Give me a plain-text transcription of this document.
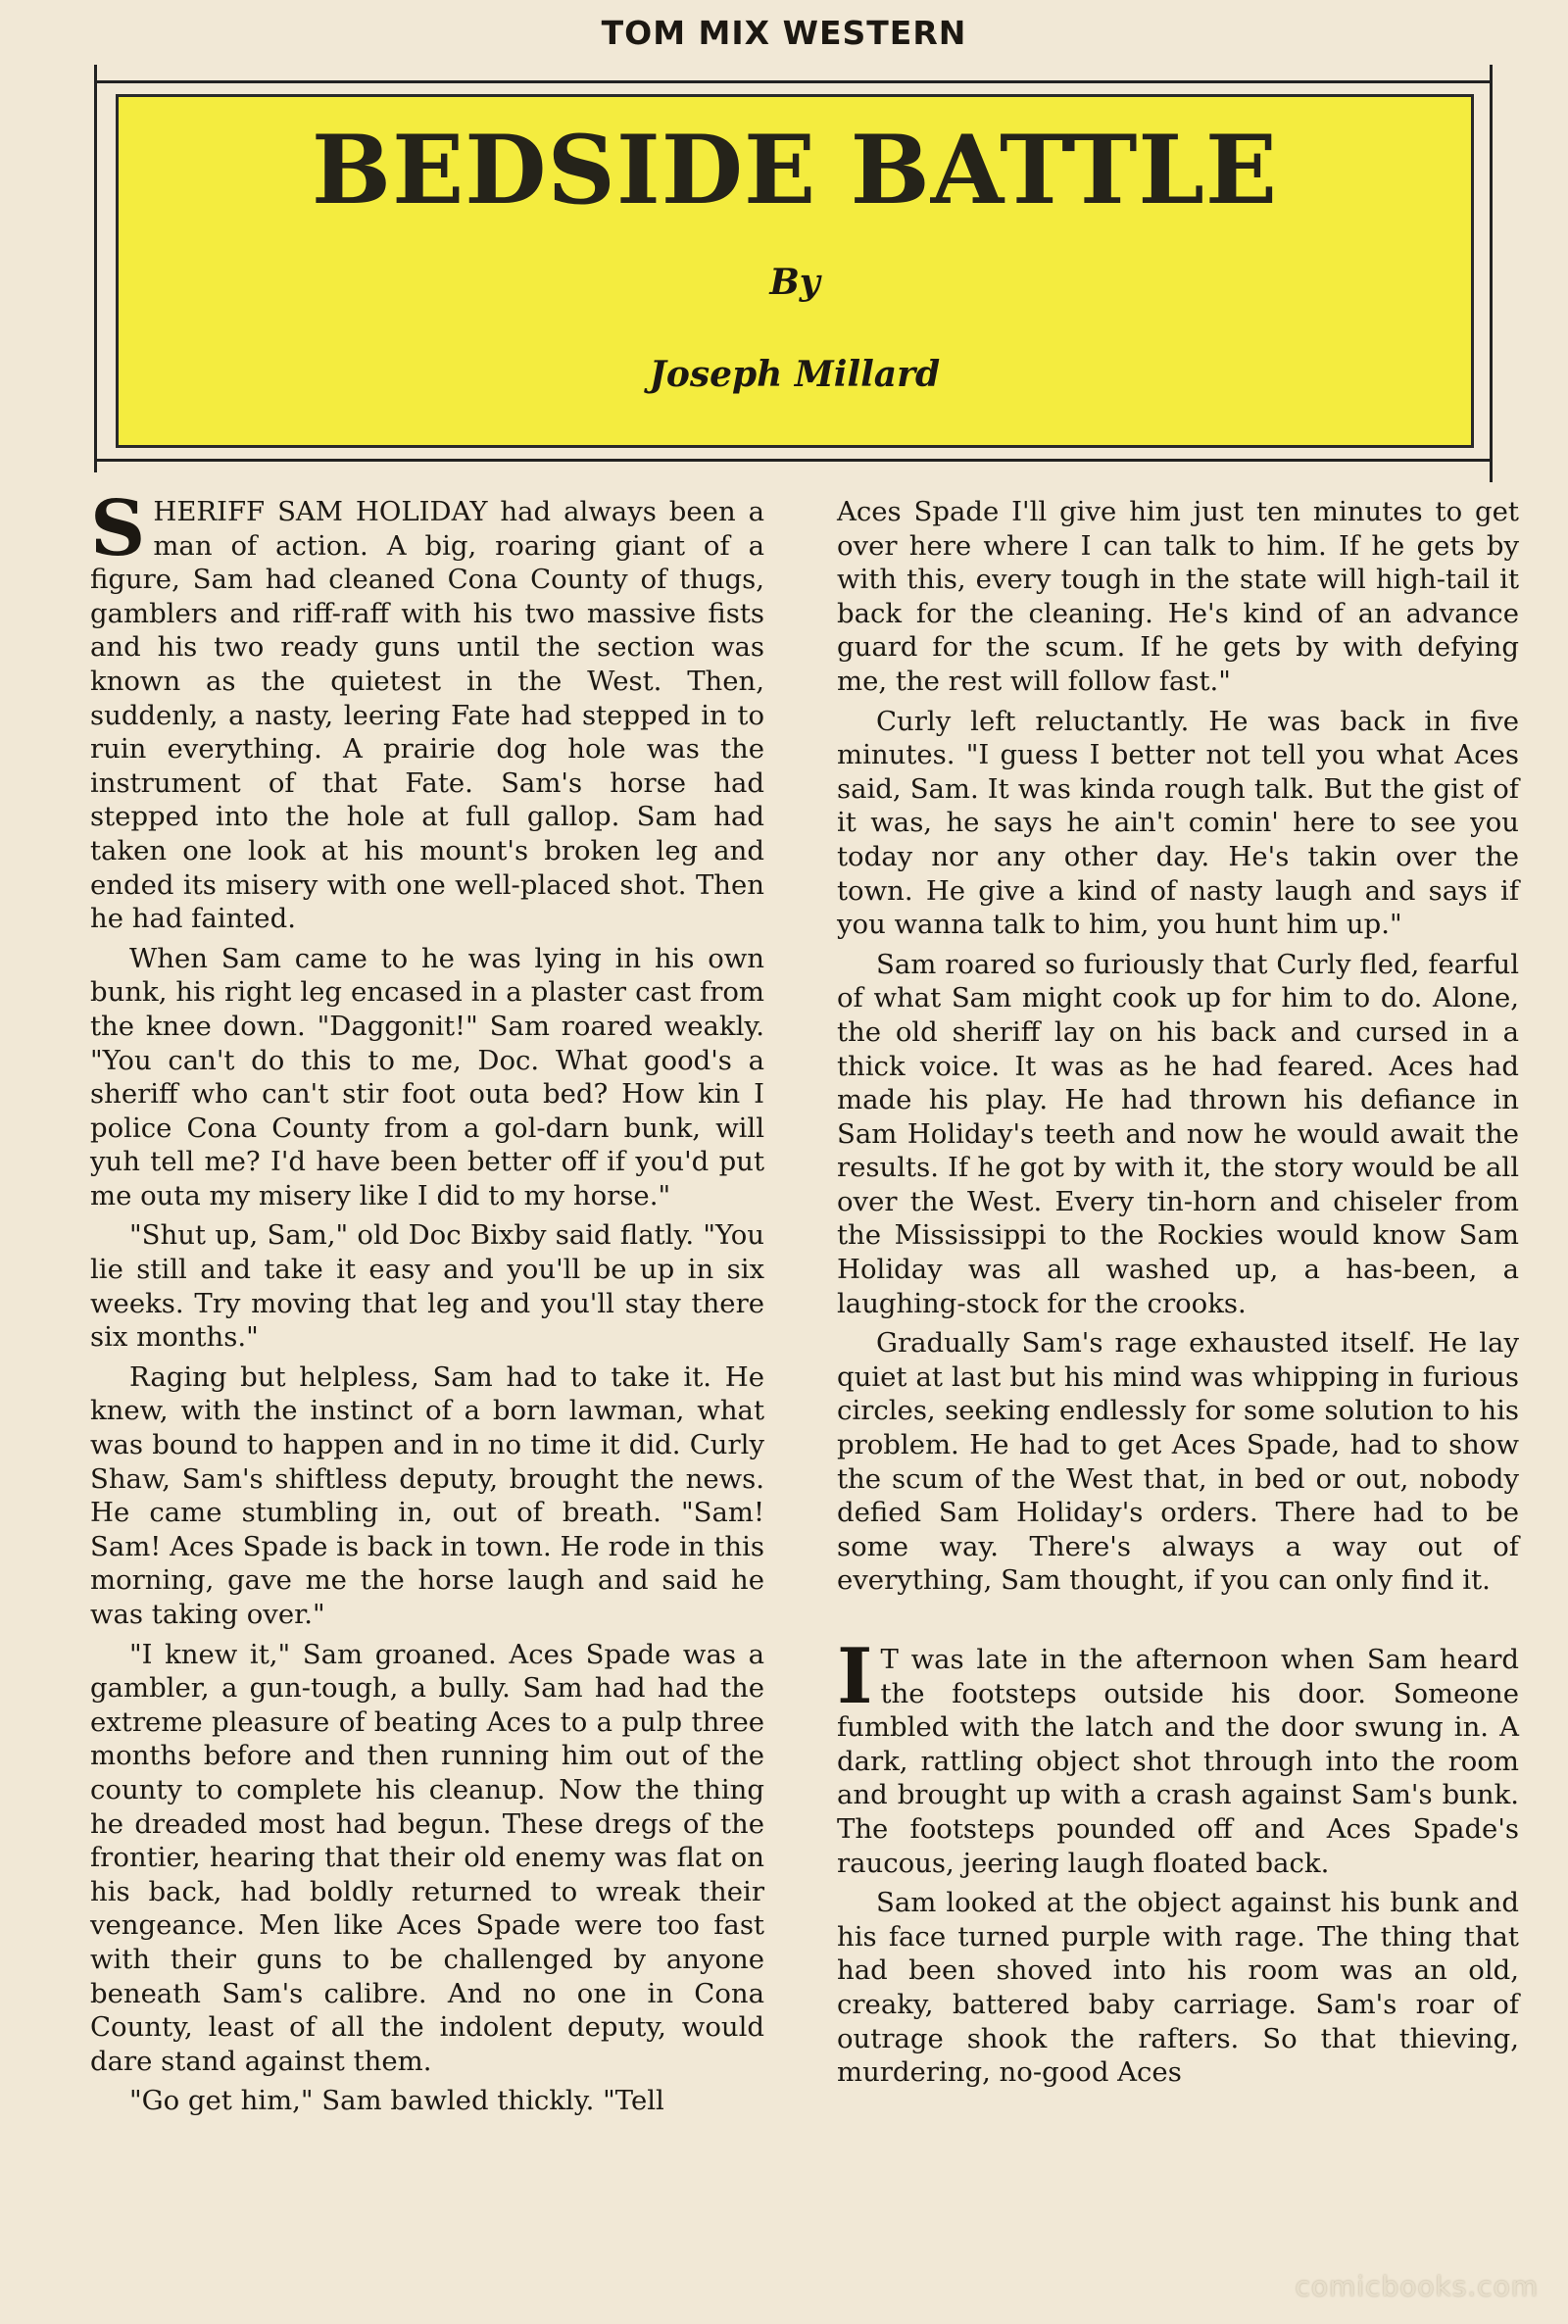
TOM MIX WESTERN
BEDSIDE BATTLE
By
Joseph Millard

SHERIFF SAM HOLIDAY had always been a man of action. A big, roaring giant of a figure, Sam had cleaned Cona County of thugs, gamblers and riff-raff with his two massive fists and his two ready guns until the section was known as the quietest in the West. Then, suddenly, a nasty, leering Fate had stepped in to ruin everything. A prairie dog hole was the instrument of that Fate. Sam's horse had stepped into the hole at full gallop. Sam had taken one look at his mount's broken leg and ended its misery with one well-placed shot. Then he had fainted.

When Sam came to he was lying in his own bunk, his right leg encased in a plaster cast from the knee down. "Daggonit!" Sam roared weakly. "You can't do this to me, Doc. What good's a sheriff who can't stir foot outa bed? How kin I police Cona County from a gol-darn bunk, will yuh tell me? I'd have been better off if you'd put me outa my misery like I did to my horse."

"Shut up, Sam," old Doc Bixby said flatly. "You lie still and take it easy and you'll be up in six weeks. Try moving that leg and you'll stay there six months."

Raging but helpless, Sam had to take it. He knew, with the instinct of a born lawman, what was bound to happen and in no time it did. Curly Shaw, Sam's shiftless deputy, brought the news. He came stumbling in, out of breath. "Sam! Sam! Aces Spade is back in town. He rode in this morning, gave me the horse laugh and said he was taking over."

"I knew it," Sam groaned. Aces Spade was a gambler, a gun-tough, a bully. Sam had had the extreme pleasure of beating Aces to a pulp three months before and then running him out of the county to complete his cleanup. Now the thing he dreaded most had begun. These dregs of the frontier, hearing that their old enemy was flat on his back, had boldly returned to wreak their vengeance. Men like Aces Spade were too fast with their guns to be challenged by anyone beneath Sam's calibre. And no one in Cona County, least of all the indolent deputy, would dare stand against them.

"Go get him," Sam bawled thickly. "Tell

Aces Spade I'll give him just ten minutes to get over here where I can talk to him. If he gets by with this, every tough in the state will high-tail it back for the cleaning. He's kind of an advance guard for the scum. If he gets by with defying me, the rest will follow fast."

Curly left reluctantly. He was back in five minutes. "I guess I better not tell you what Aces said, Sam. It was kinda rough talk. But the gist of it was, he says he ain't comin' here to see you today nor any other day. He's takin over the town. He give a kind of nasty laugh and says if you wanna talk to him, you hunt him up."

Sam roared so furiously that Curly fled, fearful of what Sam might cook up for him to do. Alone, the old sheriff lay on his back and cursed in a thick voice. It was as he had feared. Aces had made his play. He had thrown his defiance in Sam Holiday's teeth and now he would await the results. If he got by with it, the story would be all over the West. Every tin-horn and chiseler from the Mississippi to the Rockies would know Sam Holiday was all washed up, a has-been, a laughing-stock for the crooks.

Gradually Sam's rage exhausted itself. He lay quiet at last but his mind was whipping in furious circles, seeking endlessly for some solution to his problem. He had to get Aces Spade, had to show the scum of the West that, in bed or out, nobody defied Sam Holiday's orders. There had to be some way. There's always a way out of everything, Sam thought, if you can only find it.

I T was late in the afternoon when Sam heard the footsteps outside his door. Someone fumbled with the latch and the door swung in. A dark, rattling object shot through into the room and brought up with a crash against Sam's bunk. The footsteps pounded off and Aces Spade's raucous, jeering laugh floated back.

Sam looked at the object against his bunk and his face turned purple with rage. The thing that had been shoved into his room was an old, creaky, battered baby carriage. Sam's roar of outrage shook the rafters. So that thieving, murdering, no-good Aces

comicbooks.com
